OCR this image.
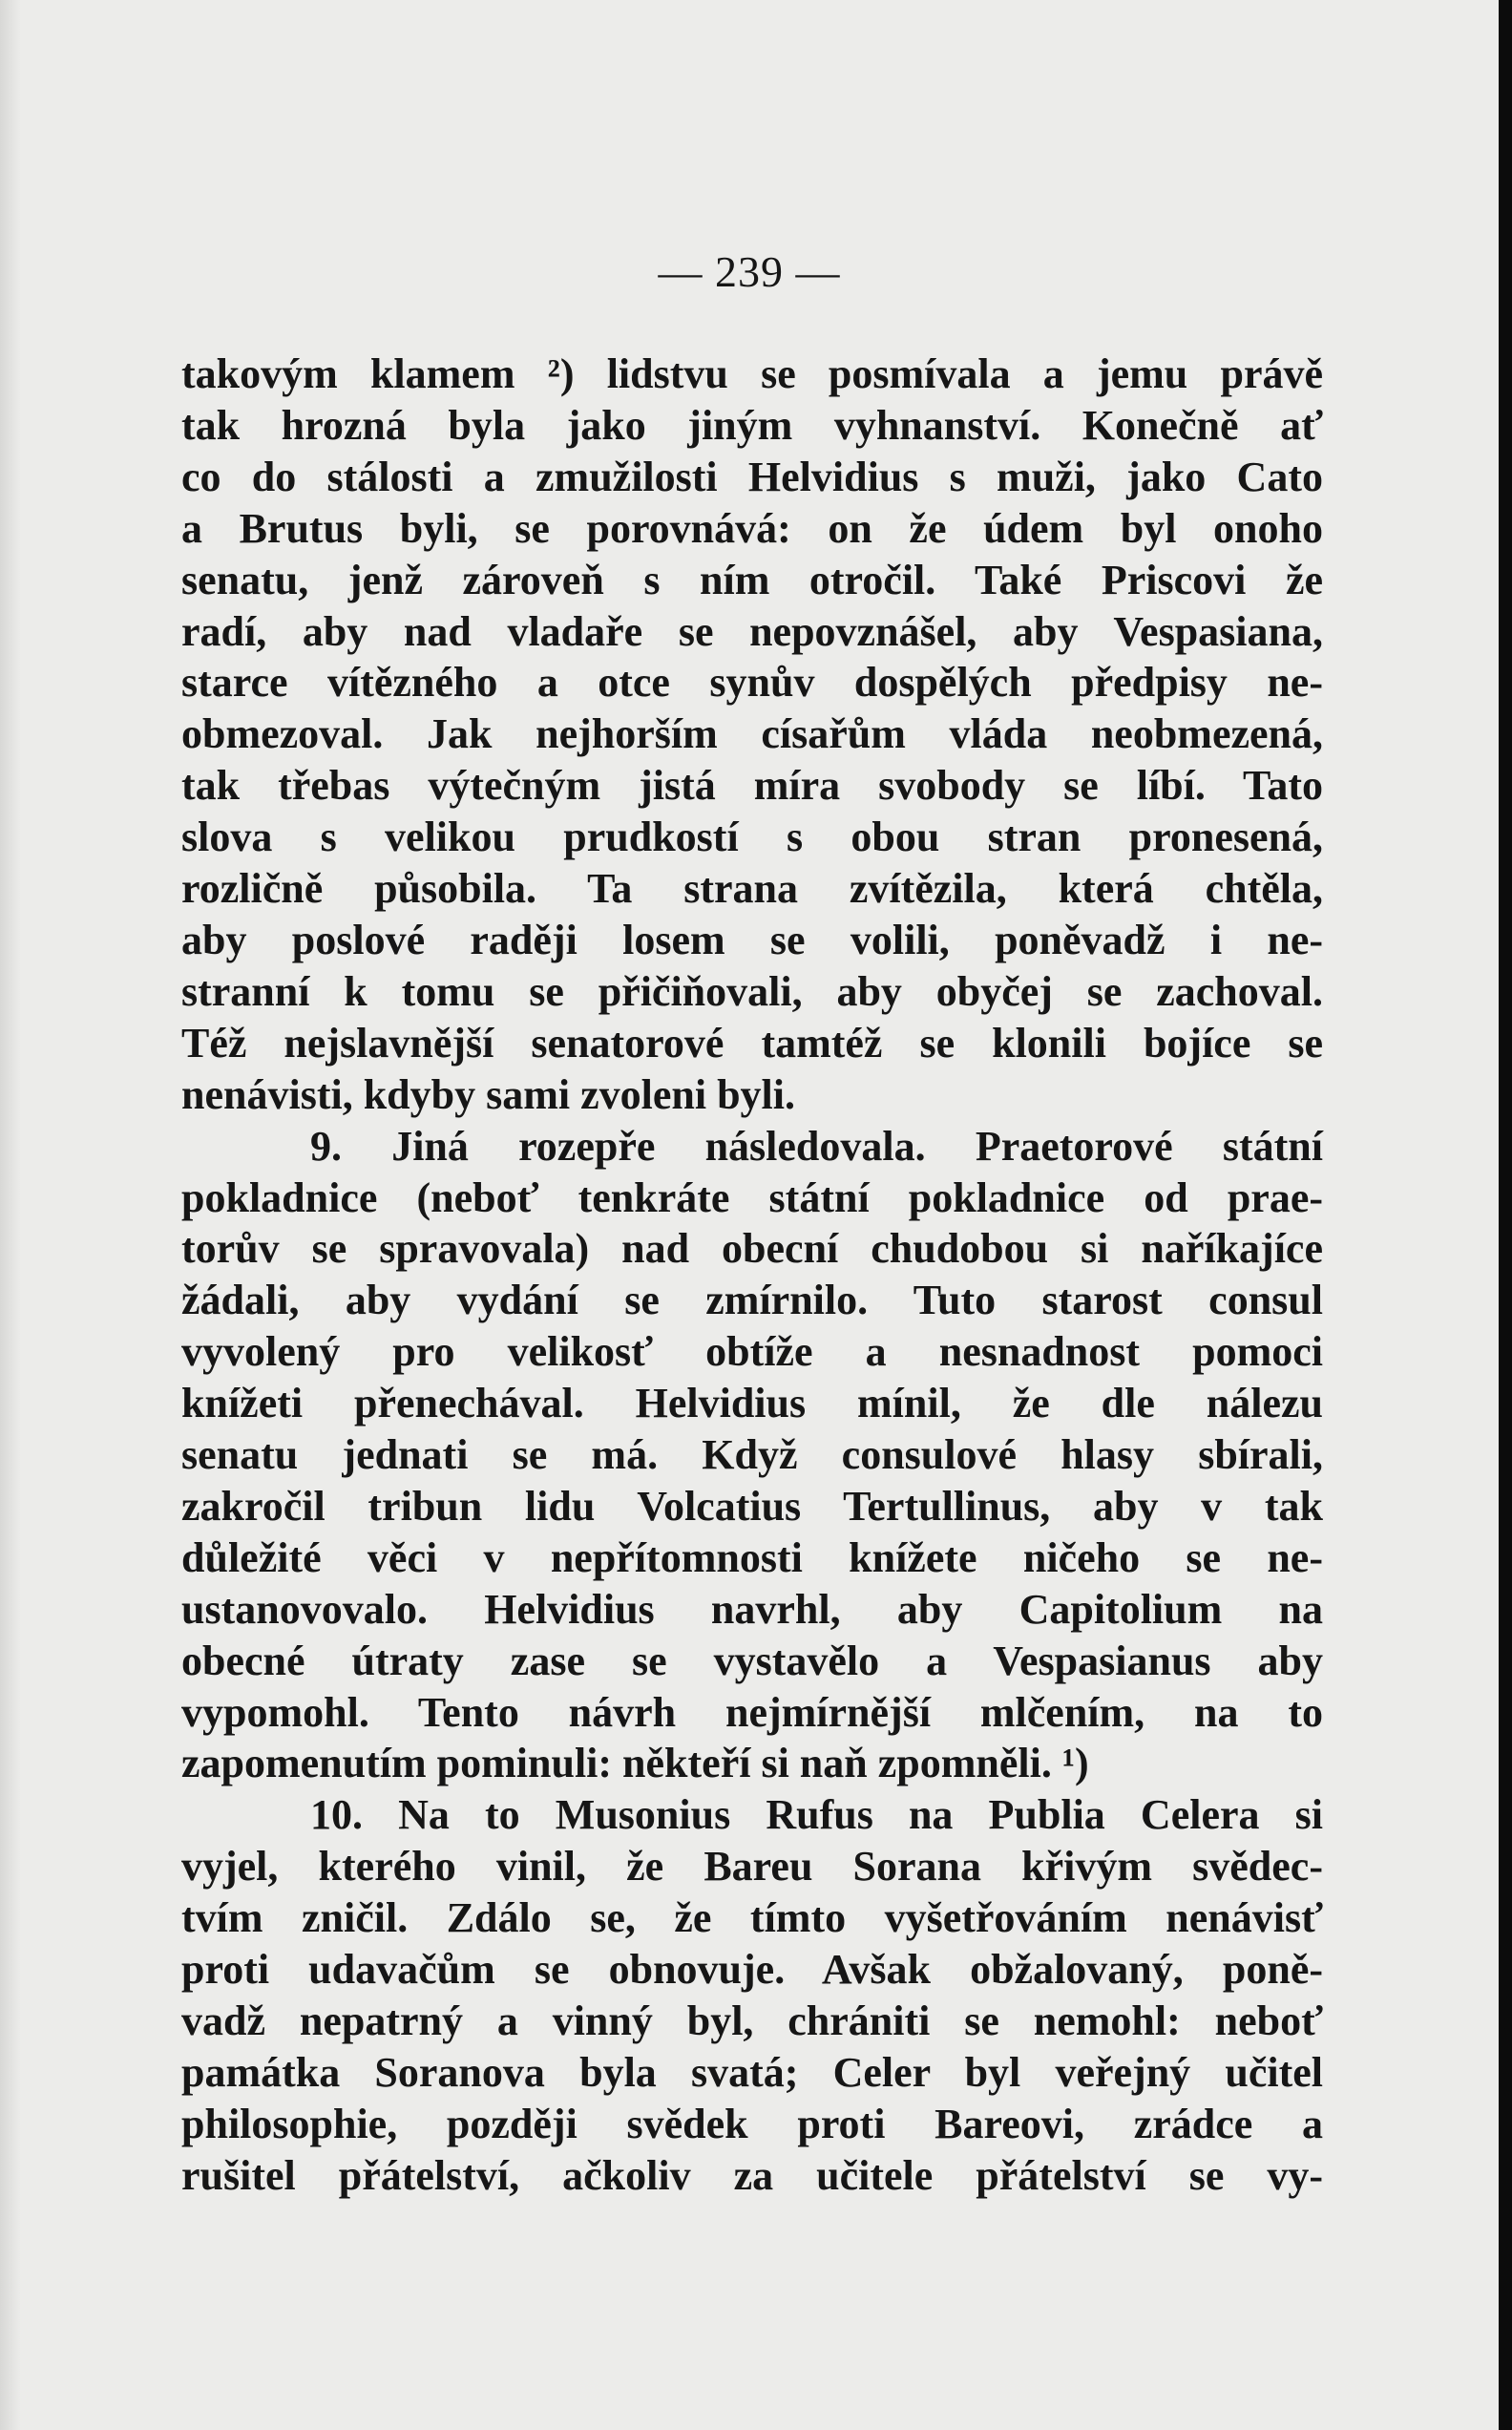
— 239 —
takovým klamem ²) lidstvu se posmívala a jemu právě
tak hrozná byla jako jiným vyhnanství. Konečně ať
co do stálosti a zmužilosti Helvidius s muži, jako Cato
a Brutus byli, se porovnává: on že údem byl onoho
senatu, jenž zároveň s ním otročil. Také Priscovi že
radí, aby nad vladaře se nepovznášel, aby Vespasiana,
starce vítězného a otce synův dospělých předpisy ne-
obmezoval. Jak nejhorším císařům vláda neobmezená,
tak třebas výtečným jistá míra svobody se líbí. Tato
slova s velikou prudkostí s obou stran pronesená,
rozličně působila. Ta strana zvítězila, která chtěla,
aby poslové raději losem se volili, poněvadž i ne-
stranní k tomu se přičiňovali, aby obyčej se zachoval.
Též nejslavnější senatorové tamtéž se klonili bojíce se
nenávisti, kdyby sami zvoleni byli.
9. Jiná rozepře následovala. Praetorové státní
pokladnice (neboť tenkráte státní pokladnice od prae-
torův se spravovala) nad obecní chudobou si naříkajíce
žádali, aby vydání se zmírnilo. Tuto starost consul
vyvolený pro velikosť obtíže a nesnadnost pomoci
knížeti přenechával. Helvidius mínil, že dle nálezu
senatu jednati se má. Když consulové hlasy sbírali,
zakročil tribun lidu Volcatius Tertullinus, aby v tak
důležité věci v nepřítomnosti knížete ničeho se ne-
ustanovovalo. Helvidius navrhl, aby Capitolium na
obecné útraty zase se vystavělo a Vespasianus aby
vypomohl. Tento návrh nejmírnější mlčením, na to
zapomenutím pominuli: někteří si naň zpomněli. ¹)
10. Na to Musonius Rufus na Publia Celera si
vyjel, kterého vinil, že Bareu Sorana křivým svědec-
tvím zničil. Zdálo se, že tímto vyšetřováním nenávisť
proti udavačům se obnovuje. Avšak obžalovaný, poně-
vadž nepatrný a vinný byl, chrániti se nemohl: neboť
památka Soranova byla svatá; Celer byl veřejný učitel
philosophie, později svědek proti Bareovi, zrádce a
rušitel přátelství, ačkoliv za učitele přátelství se vy-
